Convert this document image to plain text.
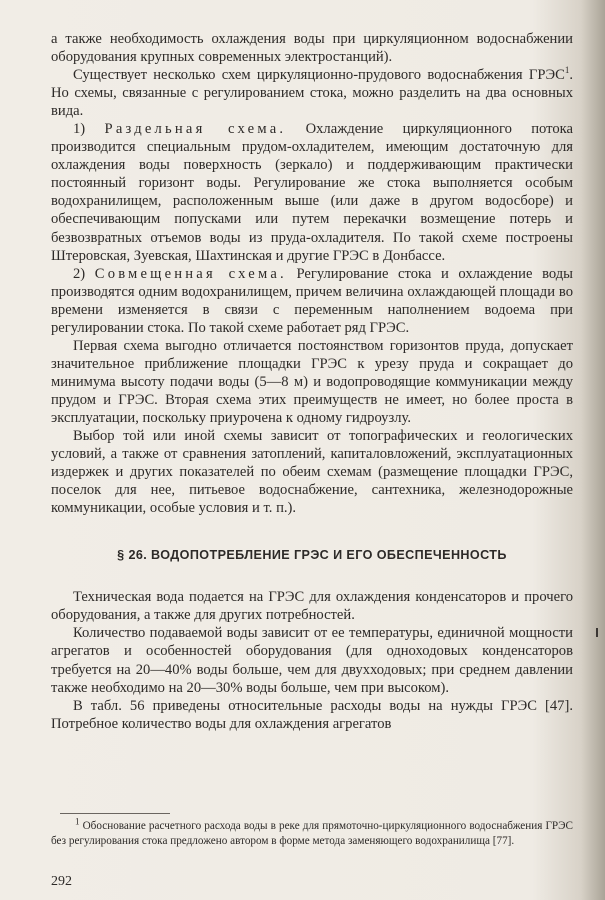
а также необходимость охлаждения воды при циркуляционном водоснабжении оборудования крупных современных электростанций).

Существует несколько схем циркуляционно-прудового водоснабжения ГРЭС$^1$. Но схемы, связанные с регулированием стока, можно разделить на два основных вида.

1) Раздельная схема. Охлаждение циркуляционного потока производится специальным прудом-охладителем, имеющим достаточную для охлаждения воды поверхность (зеркало) и поддерживающим практически постоянный горизонт воды. Регулирование же стока выполняется особым водохранилищем, расположенным выше (или даже в другом водосборе) и обеспечивающим попусками или путем перекачки возмещение потерь и безвозвратных отъемов воды из пруда-охладителя. По такой схеме построены Штеровская, Зуевская, Шахтинская и другие ГРЭС в Донбассе.

2) Совмещенная схема. Регулирование стока и охлаждение воды производятся одним водохранилищем, причем величина охлаждающей площади во времени изменяется в связи с переменным наполнением водоема при регулировании стока. По такой схеме работает ряд ГРЭС.

Первая схема выгодно отличается постоянством горизонтов пруда, допускает значительное приближение площадки ГРЭС к урезу пруда и сокращает до минимума высоту подачи воды (5—8 м) и водопроводящие коммуникации между прудом и ГРЭС. Вторая схема этих преимуществ не имеет, но более проста в эксплуатации, поскольку приурочена к одному гидроузлу.

Выбор той или иной схемы зависит от топографических и геологических условий, а также от сравнения затоплений, капиталовложений, эксплуатационных издержек и других показателей по обеим схемам (размещение площадки ГРЭС, поселок для нее, питьевое водоснабжение, сантехника, железнодорожные коммуникации, особые условия и т. п.).

§ 26. ВОДОПОТРЕБЛЕНИЕ ГРЭС И ЕГО ОБЕСПЕЧЕННОСТЬ

Техническая вода подается на ГРЭС для охлаждения конденсаторов и прочего оборудования, а также для других потребностей.

Количество подаваемой воды зависит от ее температуры, единичной мощности агрегатов и особенностей оборудования (для одноходовых конденсаторов требуется на 20—40% воды больше, чем для двухходовых; при среднем давлении также необходимо на 20—30% воды больше, чем при высоком).

В табл. 56 приведены относительные расходы воды на нужды ГРЭС [47]. Потребное количество воды для охлаждения агрегатов

$^1$ Обоснование расчетного расхода воды в реке для прямоточно-циркуляционного водоснабжения ГРЭС без регулирования стока предложено автором в форме метода заменяющего водохранилища [77].
292
